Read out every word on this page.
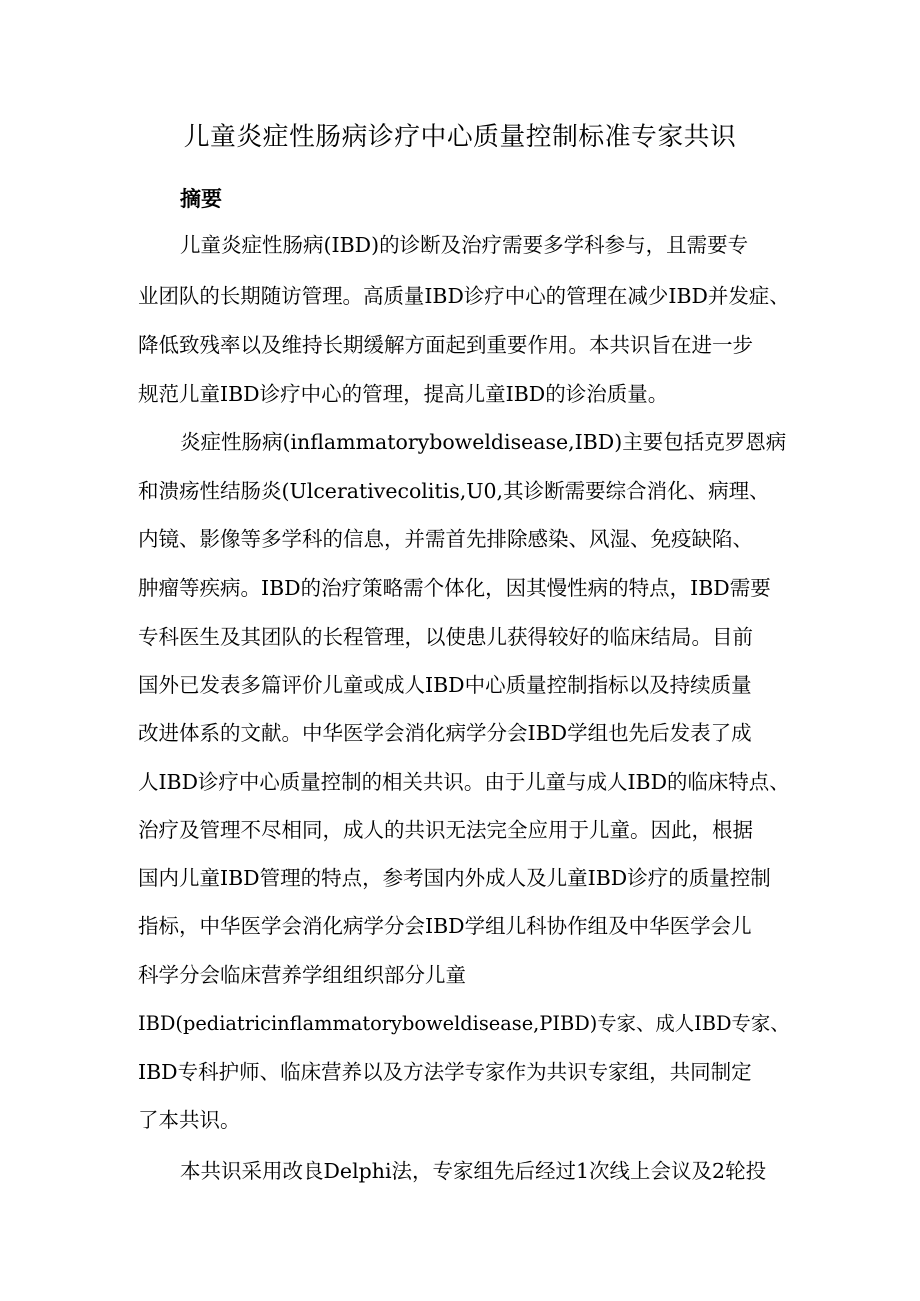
儿童炎症性肠病诊疗中心质量控制标准专家共识
摘要
儿童炎症性肠病(IBD)的诊断及治疗需要多学科参与，且需要专
业团队的长期随访管理。高质量IBD诊疗中心的管理在减少IBD并发症、
降低致残率以及维持长期缓解方面起到重要作用。本共识旨在进一步
规范儿童IBD诊疗中心的管理，提高儿童IBD的诊治质量。
炎症性肠病(inflammatoryboweldisease,IBD)主要包括克罗恩病
和溃疡性结肠炎(Ulcerativecolitis,U0,其诊断需要综合消化、病理、
内镜、影像等多学科的信息，并需首先排除感染、风湿、免疫缺陷、
肿瘤等疾病。IBD的治疗策略需个体化，因其慢性病的特点，IBD需要
专科医生及其团队的长程管理，以使患儿获得较好的临床结局。目前
国外已发表多篇评价儿童或成人IBD中心质量控制指标以及持续质量
改进体系的文献。中华医学会消化病学分会IBD学组也先后发表了成
人IBD诊疗中心质量控制的相关共识。由于儿童与成人IBD的临床特点、
治疗及管理不尽相同，成人的共识无法完全应用于儿童。因此，根据
国内儿童IBD管理的特点，参考国内外成人及儿童IBD诊疗的质量控制
指标，中华医学会消化病学分会IBD学组儿科协作组及中华医学会儿
科学分会临床营养学组组织部分儿童
IBD(pediatricinflammatoryboweldisease,PIBD)专家、成人IBD专家、
IBD专科护师、临床营养以及方法学专家作为共识专家组，共同制定
了本共识。
本共识采用改良Delphi法，专家组先后经过1次线上会议及2轮投
